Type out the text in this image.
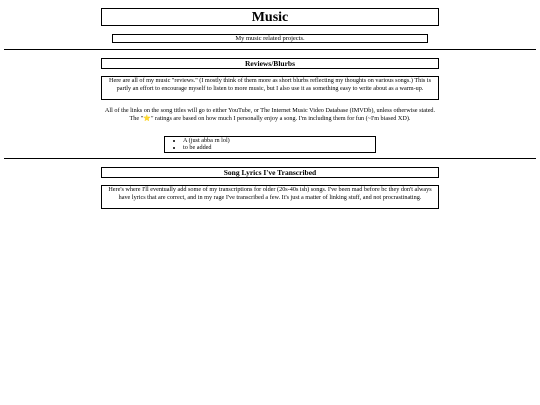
Music
My music related projects.
Reviews/Blurbs
Here are all of my music "reviews." (I mostly think of them more as short blurbs reflecting my thoughts on various songs.) This is partly an effort to encourage myself to listen to more music, but I also use it as something easy to write about as a warm-up.
All of the links on the song titles will go to either YouTube, or The Internet Music Video Database (IMVDb), unless otherwise stated. The "⭐" ratings are based on how much I personally enjoy a song. I'm including them for fun (~I'm biased XD).
• A (just abba rn lol)
• to be added
Song Lyrics I've Transcribed
Here's where I'll eventually add some of my transcriptions for older (20s-40s ish) songs. I've been mad before bc they don't always have lyrics that are correct, and in my rage I've transcribed a few. It's just a matter of linking stuff, and not procrastinating.
